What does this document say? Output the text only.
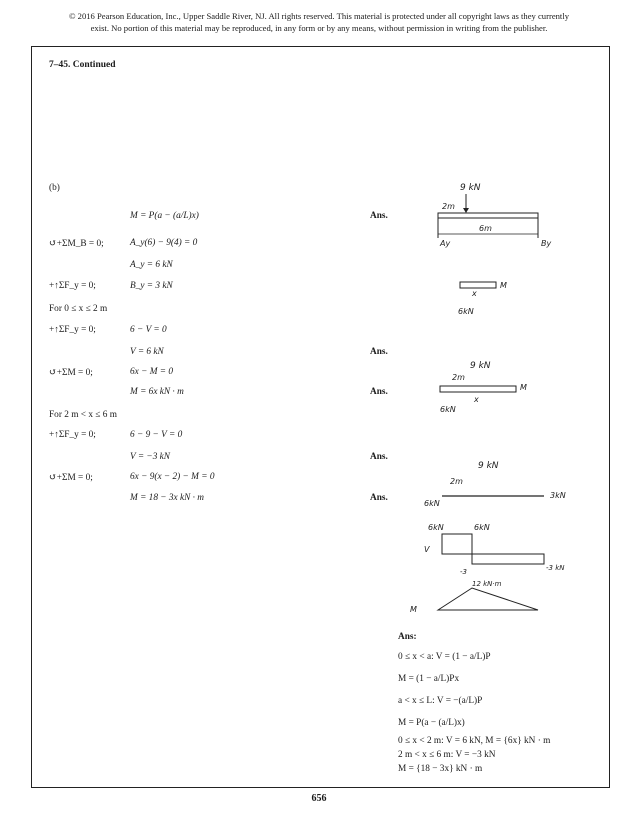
© 2016 Pearson Education, Inc., Upper Saddle River, NJ. All rights reserved. This material is protected under all copyright laws as they currently
exist. No portion of this material may be reproduced, in any form or by any means, without permission in writing from the publisher.
7–45. Continued
(b)
M = P(a − (a/L)x)	Ans.
↺+ΣM_B = 0;	A_y(6) − 9(4) = 0
A_y = 6 kN
+↑ΣF_y = 0;	B_y = 3 kN
For 0 ≤ x ≤ 2 m
+↑ΣF_y = 0;	6 − V = 0
V = 6 kN	Ans.
↺+ΣM = 0;	6x − M = 0
M = 6x kN · m	Ans.
For 2 m < x ≤ 6 m
+↑ΣF_y = 0;	6 − 9 − V = 0
V = −3 kN	Ans.
↺+ΣM = 0;	6x − 9(x − 2) − M = 0
M = 18 − 3x kN · m	Ans.
9 kN
2m
6m
Ay	By
x
M
6kN
9 kN
2m
x
M
6kN
9 kN
2m
6kN
3kN
V
6kN	6kN
-3	-3 kN
12 kN·m
M
Ans:
0 ≤ x < a: V = (1 − a/L)P
M = (1 − a/L)Px
a < x ≤ L: V = −(a/L)P
M = P(a − (a/L)x)
0 ≤ x < 2 m: V = 6 kN, M = {6x} kN · m
2 m < x ≤ 6 m: V = −3 kN
M = {18 − 3x} kN · m
656
